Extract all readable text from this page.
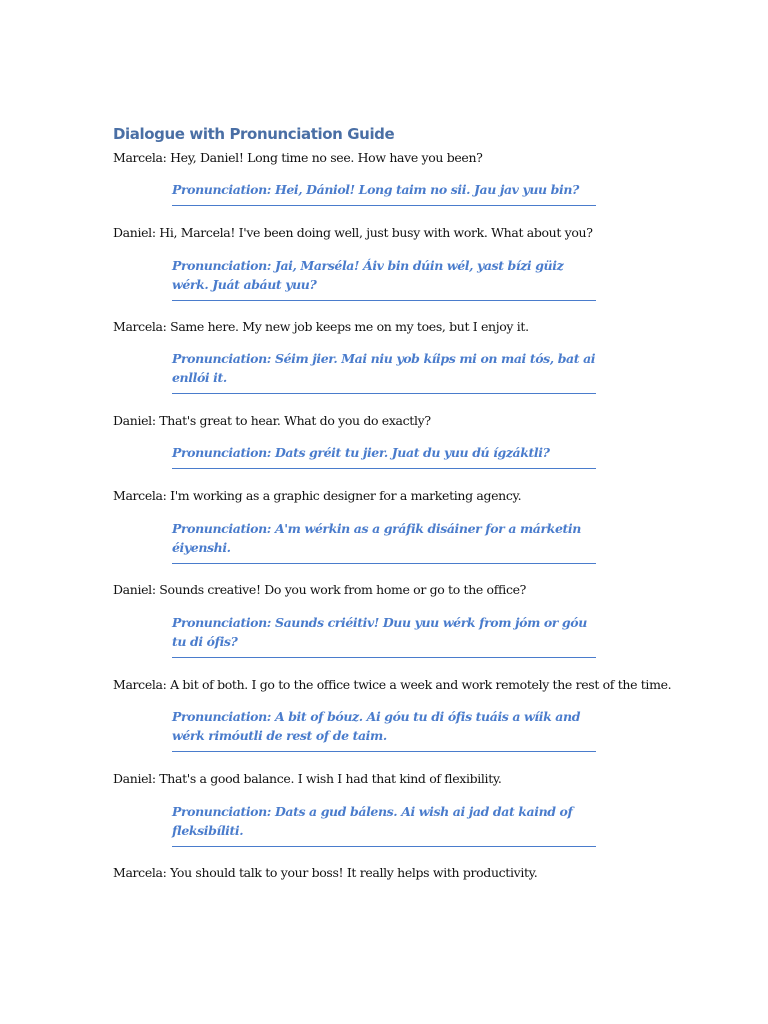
Dialogue with Pronunciation Guide
Marcela: Hey, Daniel! Long time no see. How have you been?
Pronunciation: Hei, Dániol! Long taim no sii. Jau jav yuu bin?
Daniel: Hi, Marcela! I've been doing well, just busy with work. What about you?
Pronunciation: Jai, Marséla! Áiv bin dúin wél, yast bízi güiz wérk. Juát abáut yuu?
Marcela: Same here. My new job keeps me on my toes, but I enjoy it.
Pronunciation: Séim jier. Mai niu yob kíips mi on mai tós, bat ai enllói it.
Daniel: That's great to hear. What do you do exactly?
Pronunciation: Dats gréit tu jier. Juat du yuu dú ígzáktli?
Marcela: I'm working as a graphic designer for a marketing agency.
Pronunciation: A'm wérkin as a gráfik disáiner for a márketin éiyenshi.
Daniel: Sounds creative! Do you work from home or go to the office?
Pronunciation: Saunds criéitiv! Duu yuu wérk from jóm or góu tu di ófis?
Marcela: A bit of both. I go to the office twice a week and work remotely the rest of the time.
Pronunciation: A bit of bóuz. Ai góu tu di ófis tuáis a wíik and wérk rimóutli de rest of de taim.
Daniel: That's a good balance. I wish I had that kind of flexibility.
Pronunciation: Dats a gud bálens. Ai wish ai jad dat kaind of fleksibíliti.
Marcela: You should talk to your boss! It really helps with productivity.
